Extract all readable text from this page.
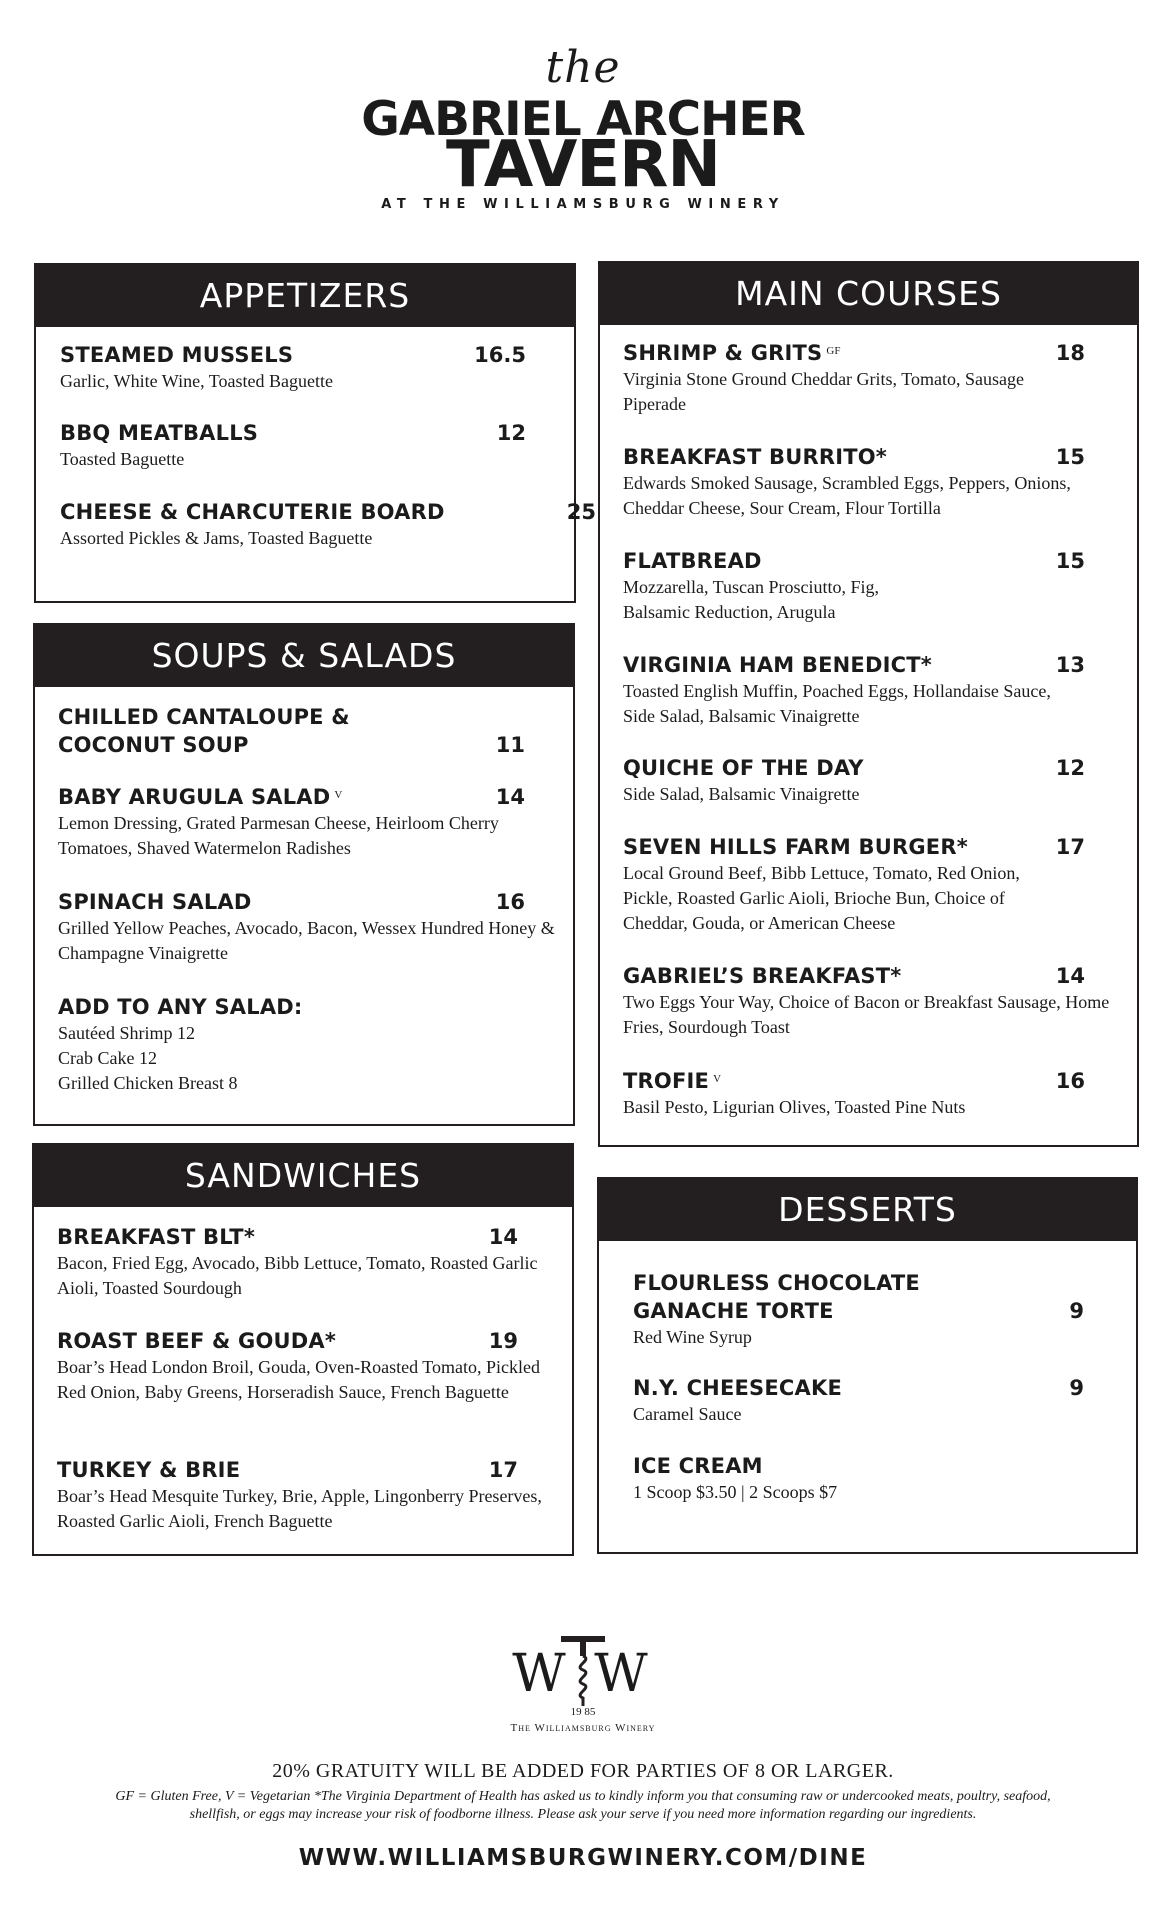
the
GABRIEL ARCHER
TAVERN
AT THE WILLIAMSBURG WINERY
APPETIZERS
STEAMED MUSSELS	16.5
Garlic, White Wine, Toasted Baguette
BBQ MEATBALLS	12
Toasted Baguette
CHEESE & CHARCUTERIE BOARD	25
Assorted Pickles & Jams, Toasted Baguette
SOUPS & SALADS
CHILLED CANTALOUPE & COCONUT SOUP	11
BABY ARUGULA SALAD $^V$	14
Lemon Dressing, Grated Parmesan Cheese, Heirloom Cherry Tomatoes, Shaved Watermelon Radishes
SPINACH SALAD	16
Grilled Yellow Peaches, Avocado, Bacon, Wessex Hundred Honey & Champagne Vinaigrette
ADD TO ANY SALAD:
Sautéed Shrimp 12
Crab Cake 12
Grilled Chicken Breast 8
SANDWICHES
BREAKFAST BLT*	14
Bacon, Fried Egg, Avocado, Bibb Lettuce, Tomato, Roasted Garlic Aioli, Toasted Sourdough
ROAST BEEF & GOUDA*	19
Boar’s Head London Broil, Gouda, Oven-Roasted Tomato, Pickled Red Onion, Baby Greens, Horseradish Sauce, French Baguette
TURKEY & BRIE	17
Boar’s Head Mesquite Turkey, Brie, Apple, Lingonberry Preserves, Roasted Garlic Aioli, French Baguette
MAIN COURSES
SHRIMP & GRITS $^{GF}$	18
Virginia Stone Ground Cheddar Grits, Tomato, Sausage Piperade
BREAKFAST BURRITO*	15
Edwards Smoked Sausage, Scrambled Eggs, Peppers, Onions, Cheddar Cheese, Sour Cream, Flour Tortilla
FLATBREAD	15
Mozzarella, Tuscan Prosciutto, Fig, Balsamic Reduction, Arugula
VIRGINIA HAM BENEDICT*	13
Toasted English Muffin, Poached Eggs, Hollandaise Sauce, Side Salad, Balsamic Vinaigrette
QUICHE OF THE DAY	12
Side Salad, Balsamic Vinaigrette
SEVEN HILLS FARM BURGER*	17
Local Ground Beef, Bibb Lettuce, Tomato, Red Onion, Pickle, Roasted Garlic Aioli, Brioche Bun, Choice of Cheddar, Gouda, or American Cheese
GABRIEL’S BREAKFAST*	14
Two Eggs Your Way, Choice of Bacon or Breakfast Sausage, Home Fries, Sourdough Toast
TROFIE $^V$	16
Basil Pesto, Ligurian Olives, Toasted Pine Nuts
DESSERTS
FLOURLESS CHOCOLATE GANACHE TORTE	9
Red Wine Syrup
N.Y. CHEESECAKE	9
Caramel Sauce
ICE CREAM
1 Scoop $3.50 | 2 Scoops $7
W W
19 85
The Williamsburg Winery
20% GRATUITY WILL BE ADDED FOR PARTIES OF 8 OR LARGER.
GF = Gluten Free, V = Vegetarian *The Virginia Department of Health has asked us to kindly inform you that consuming raw or undercooked meats, poultry, seafood, shellfish, or eggs may increase your risk of foodborne illness. Please ask your serve if you need more information regarding our ingredients.
WWW.WILLIAMSBURGWINERY.COM/DINE
